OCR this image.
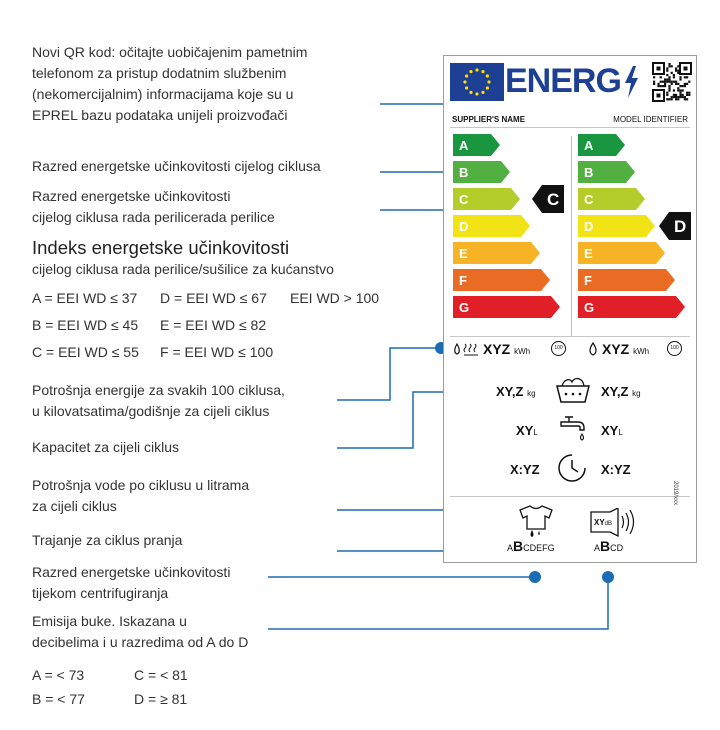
Novi QR kod: očitajte uobičajenim pametnim
telefonom za pristup dodatnim službenim
(nekomercijalnim) informacijama koje su u
EPREL bazu podataka unijeli proizvođači
Razred energetske učinkovitosti cijelog ciklusa
Razred energetske učinkovitosti
cijelog ciklusa rada perilicerada perilice
Indeks energetske učinkovitosti
cijelog ciklusa rada perilice/sušilice za kućanstvo
A = EEI WD ≤ 37 D = EEI WD ≤ 67 EEI WD > 100
B = EEI WD ≤ 45 E = EEI WD ≤ 82
C = EEI WD ≤ 55 F = EEI WD ≤ 100
Potrošnja energije za svakih 100 ciklusa,
u kilovatsatima/godišnje za cijeli ciklus
Kapacitet za cijeli ciklus
Potrošnja vode po ciklusu u litrama
za cijeli ciklus
Trajanje za ciklus pranja
Razred energetske učinkovitosti
tijekom centrifugiranja
Emisija buke. Iskazana u
decibelima i u razredima od A do D
A = < 73	C = < 81
B = < 77	D = ≥ 81
ENERG
SUPPLIER'S NAME	MODEL IDENTIFIER
A
B
C
D
E
F
G
A
B
C
D
E
F
G
C
D
XYZ kWh	100	XYZ kWh	100
XY,Z kg	XY,Z kg
XYL	XYL
X:YZ	X:YZ
ABCDEFG
XYdB
ABCD
2019/xxx
